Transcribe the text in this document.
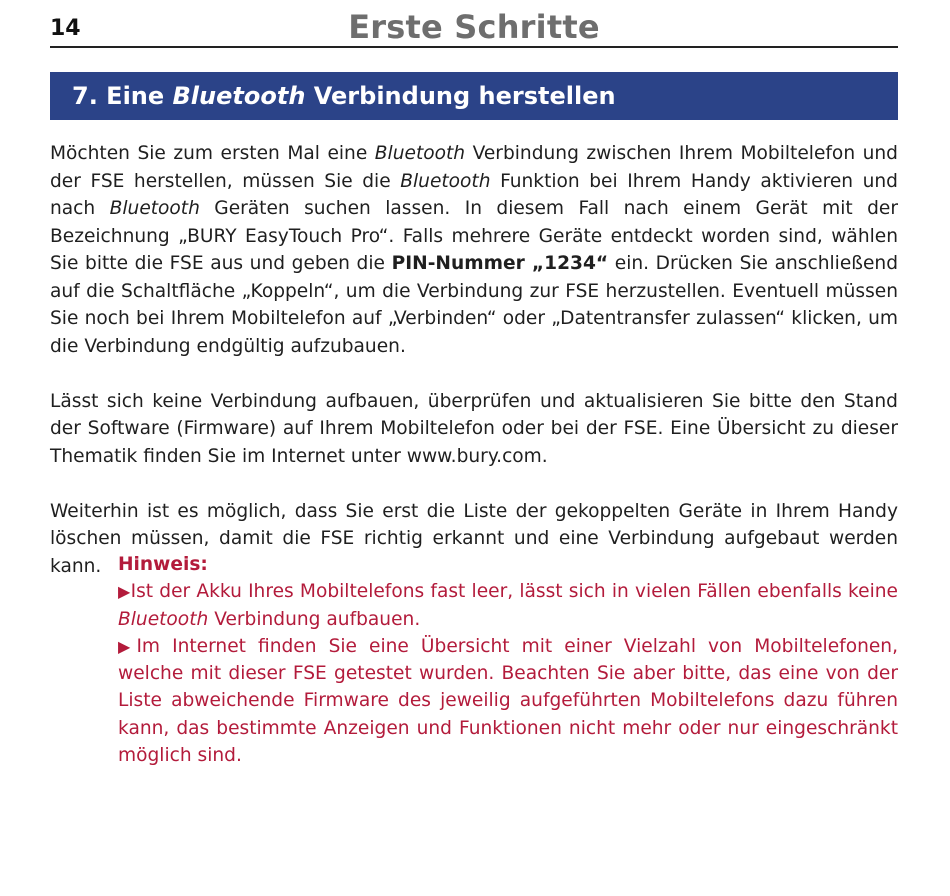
14	Erste Schritte
7. Eine Bluetooth Verbindung herstellen

Möchten Sie zum ersten Mal eine Bluetooth Verbindung zwischen Ihrem Mobiltelefon und der FSE herstellen, müssen Sie die Bluetooth Funktion bei Ihrem Handy aktivieren und nach Bluetooth Geräten suchen lassen. In diesem Fall nach einem Gerät mit der Bezeichnung „BURY EasyTouch Pro“. Falls mehrere Geräte entdeckt worden sind, wählen Sie bitte die FSE aus und geben die PIN-Nummer „1234“ ein. Drücken Sie anschließend auf die Schaltfläche „Koppeln“, um die Verbindung zur FSE herzustellen. Eventuell müssen Sie noch bei Ihrem Mobiltelefon auf „Verbinden“ oder „Datentransfer zulassen“ klicken, um die Verbindung endgültig aufzubauen.

Lässt sich keine Verbindung aufbauen, überprüfen und aktualisieren Sie bitte den Stand der Software (Firmware) auf Ihrem Mobiltelefon oder bei der FSE. Eine Übersicht zu dieser Thematik finden Sie im Internet unter www.bury.com.

Weiterhin ist es möglich, dass Sie erst die Liste der gekoppelten Geräte in Ihrem Handy löschen müssen, damit die FSE richtig erkannt und eine Verbindung aufgebaut werden kann. Hinweis:

▶Ist der Akku Ihres Mobiltelefons fast leer, lässt sich in vielen Fällen ebenfalls keine Bluetooth Verbindung aufbauen.

▶Im Internet finden Sie eine Übersicht mit einer Vielzahl von Mobiltelefonen, welche mit dieser FSE getestet wurden. Beachten Sie aber bitte, das eine von der Liste abweichende Firmware des jeweilig aufgeführten Mobiltelefons dazu führen kann, das bestimmte Anzeigen und Funktionen nicht mehr oder nur eingeschränkt möglich sind.
